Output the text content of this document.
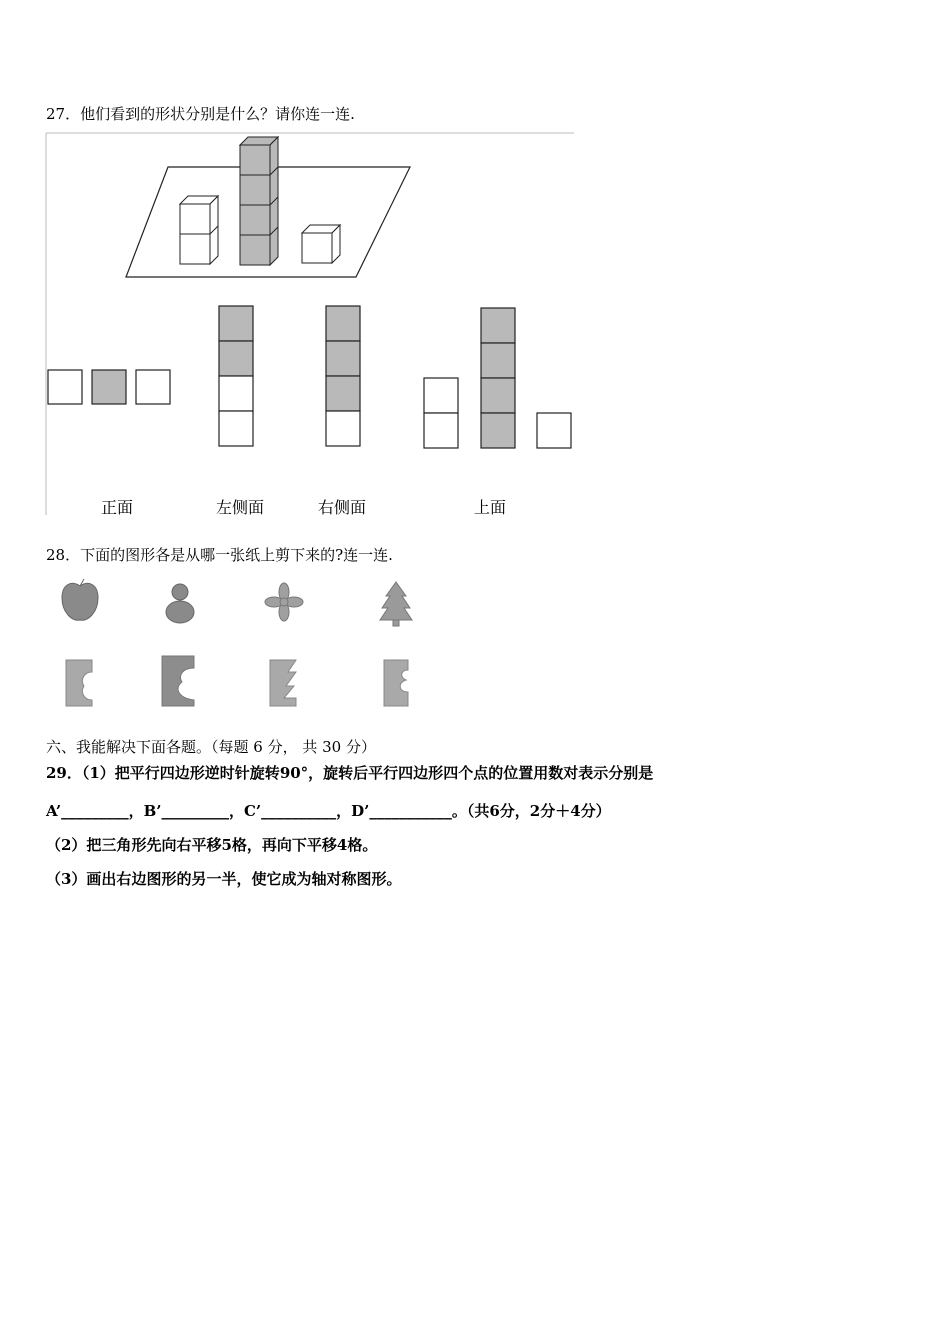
27．他们看到的形状分别是什么？请你连一连.
正面	左侧面	右侧面	上面
28．下面的图形各是从哪一张纸上剪下来的?连一连.
六、我能解决下面各题。（每题 6 分， 共 30 分）
29．（1）把平行四边形逆时针旋转90°，旋转后平行四边形四个点的位置用数对表示分别是
A’_________，B’_________，C’__________，D’___________。（共6分，2分＋4分）
（2）把三角形先向右平移5格，再向下平移4格。
（3）画出右边图形的另一半，使它成为轴对称图形。
